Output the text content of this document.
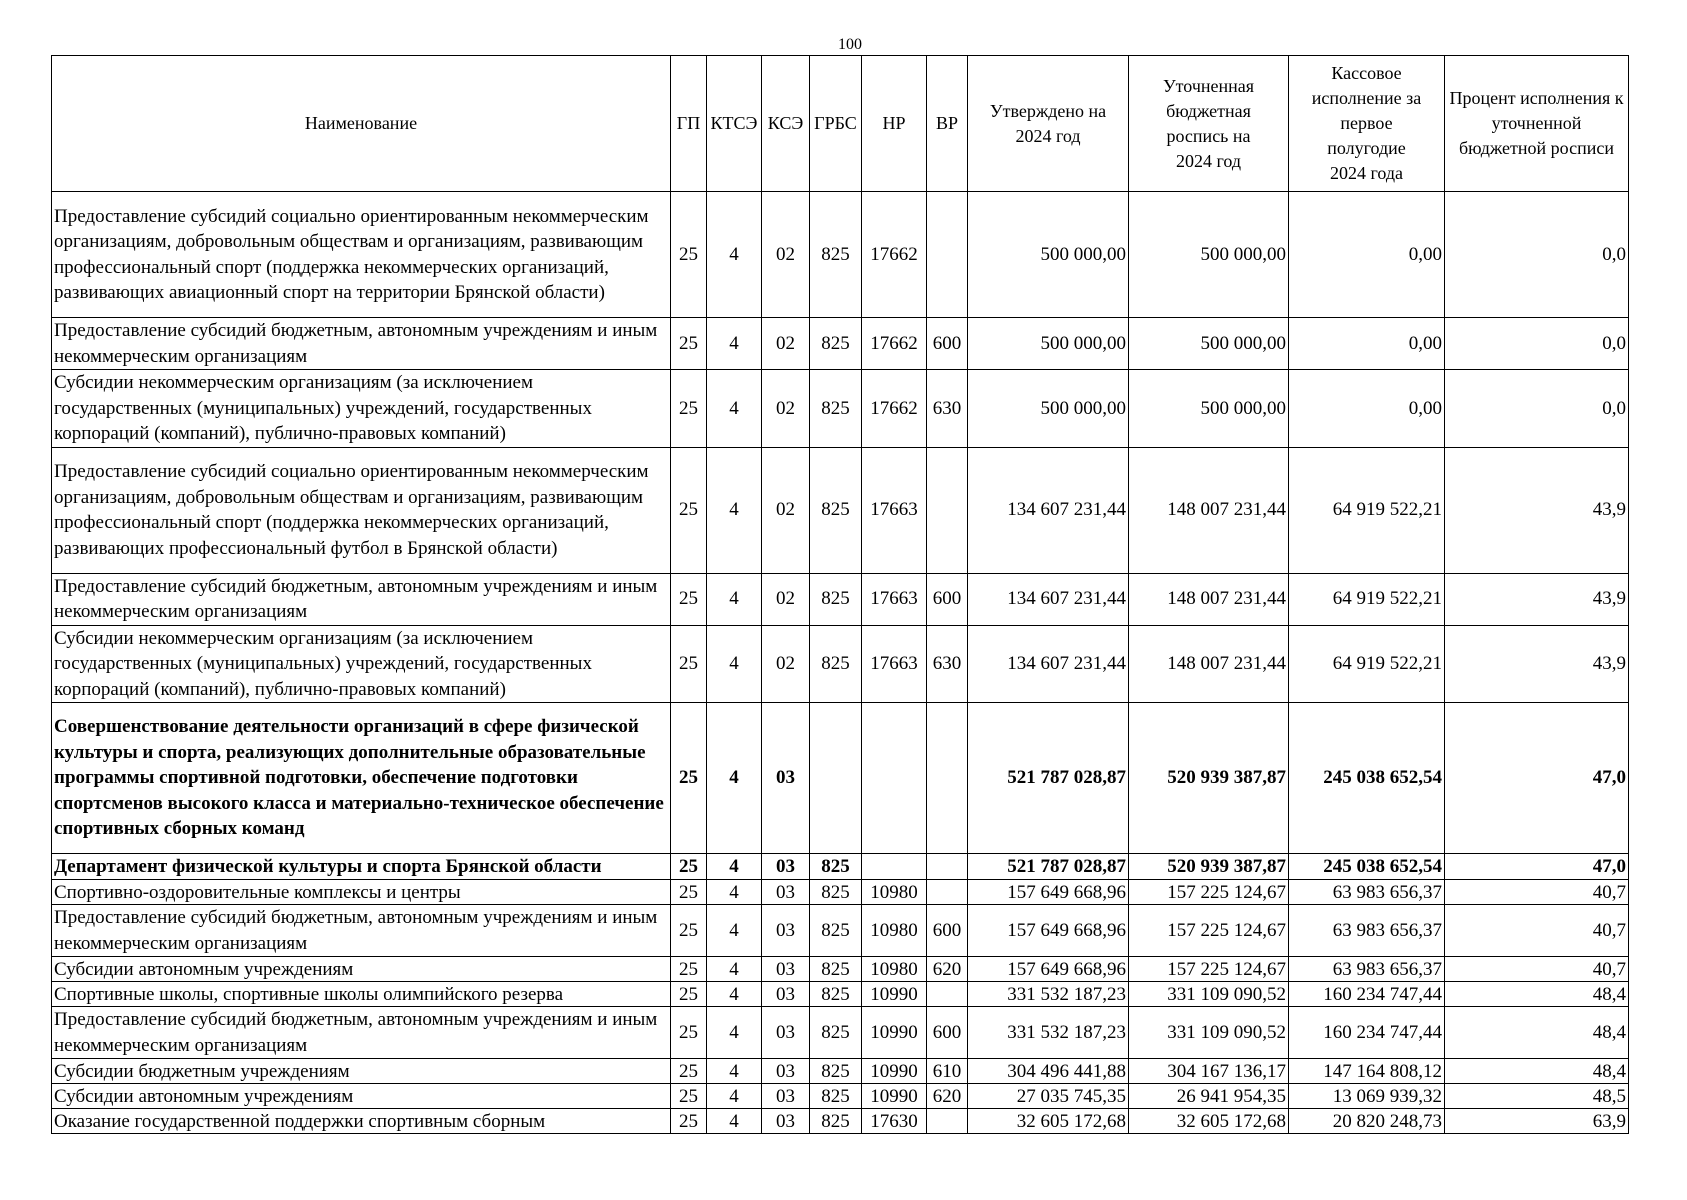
100
Наименование	ГП	КТСЭ	КСЭ	ГРБС	НР	ВР	Утверждено на 2024 год	Уточненная бюджетная роспись на 2024 год	Кассовое исполнение за первое полугодие 2024 года	Процент исполнения к уточненной бюджетной росписи
Предоставление субсидий социально ориентированным некоммерческим организациям, добровольным обществам и организациям, развивающим профессиональный спорт (поддержка некоммерческих организаций, развивающих авиационный спорт на территории Брянской области)	25	4	02	825	17662		500 000,00	500 000,00	0,00	0,0
Предоставление субсидий бюджетным, автономным учреждениям и иным некоммерческим организациям	25	4	02	825	17662	600	500 000,00	500 000,00	0,00	0,0
Субсидии некоммерческим организациям (за исключением государственных (муниципальных) учреждений, государственных корпораций (компаний), публично-правовых компаний)	25	4	02	825	17662	630	500 000,00	500 000,00	0,00	0,0
Предоставление субсидий социально ориентированным некоммерческим организациям, добровольным обществам и организациям, развивающим профессиональный спорт (поддержка некоммерческих организаций, развивающих профессиональный футбол в Брянской области)	25	4	02	825	17663		134 607 231,44	148 007 231,44	64 919 522,21	43,9
Предоставление субсидий бюджетным, автономным учреждениям и иным некоммерческим организациям	25	4	02	825	17663	600	134 607 231,44	148 007 231,44	64 919 522,21	43,9
Субсидии некоммерческим организациям (за исключением государственных (муниципальных) учреждений, государственных корпораций (компаний), публично-правовых компаний)	25	4	02	825	17663	630	134 607 231,44	148 007 231,44	64 919 522,21	43,9
Совершенствование деятельности организаций в сфере физической культуры и спорта, реализующих дополнительные образовательные программы спортивной подготовки, обеспечение подготовки спортсменов высокого класса и материально-техническое обеспечение спортивных сборных команд	25	4	03				521 787 028,87	520 939 387,87	245 038 652,54	47,0
Департамент физической культуры и спорта Брянской области	25	4	03	825			521 787 028,87	520 939 387,87	245 038 652,54	47,0
Спортивно-оздоровительные комплексы и центры	25	4	03	825	10980		157 649 668,96	157 225 124,67	63 983 656,37	40,7
Предоставление субсидий бюджетным, автономным учреждениям и иным некоммерческим организациям	25	4	03	825	10980	600	157 649 668,96	157 225 124,67	63 983 656,37	40,7
Субсидии автономным учреждениям	25	4	03	825	10980	620	157 649 668,96	157 225 124,67	63 983 656,37	40,7
Спортивные школы, спортивные школы олимпийского резерва	25	4	03	825	10990		331 532 187,23	331 109 090,52	160 234 747,44	48,4
Предоставление субсидий бюджетным, автономным учреждениям и иным некоммерческим организациям	25	4	03	825	10990	600	331 532 187,23	331 109 090,52	160 234 747,44	48,4
Субсидии бюджетным учреждениям	25	4	03	825	10990	610	304 496 441,88	304 167 136,17	147 164 808,12	48,4
Субсидии автономным учреждениям	25	4	03	825	10990	620	27 035 745,35	26 941 954,35	13 069 939,32	48,5
Оказание государственной поддержки спортивным сборным	25	4	03	825	17630		32 605 172,68	32 605 172,68	20 820 248,73	63,9
